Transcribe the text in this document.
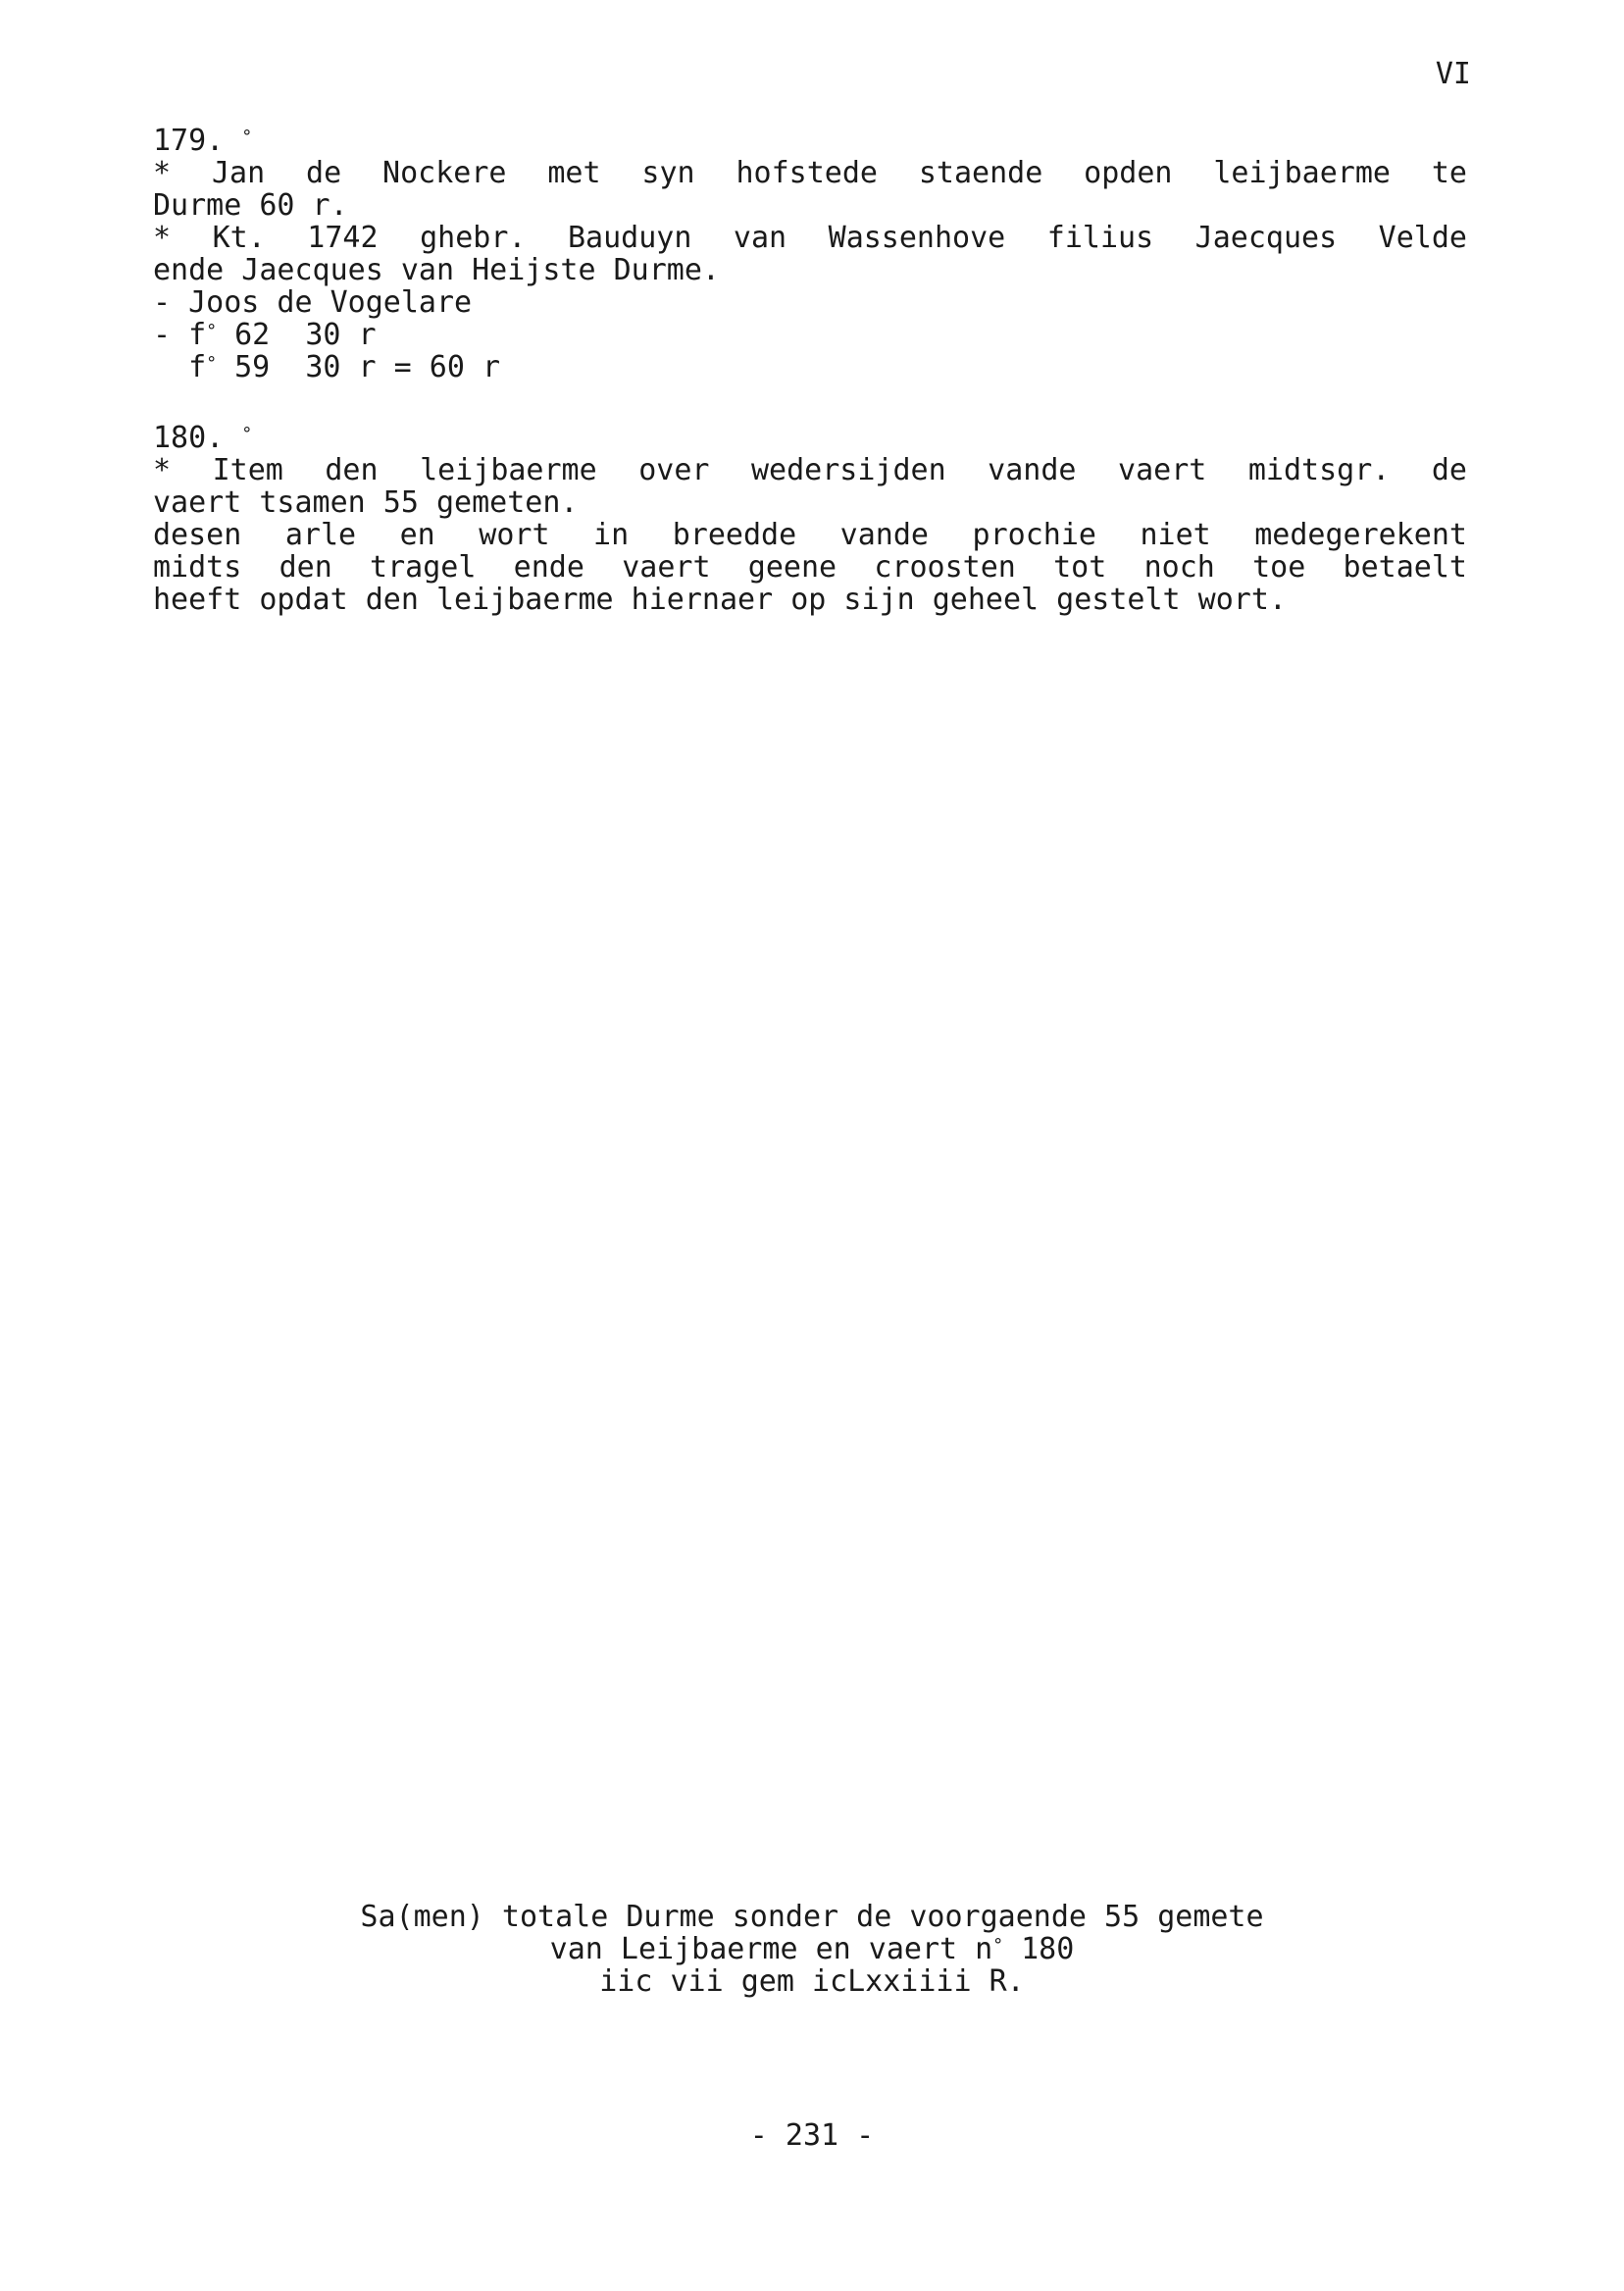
VI
179. °
* Jan de Nockere met syn hofstede staende opden leijbaerme te
Durme 60 r.
* Kt. 1742 ghebr. Bauduyn van Wassenhove filius Jaecques Velde
ende Jaecques van Heijste Durme.
- Joos de Vogelare
- f° 62  30 r
f° 59  30 r = 60 r
180. °
* Item den leijbaerme over wedersijden vande vaert midtsgr. de
vaert tsamen 55 gemeten.
desen arle en wort in breedde vande prochie niet medegerekent
midts den tragel ende vaert geene croosten tot noch toe betaelt
heeft opdat den leijbaerme hiernaer op sijn geheel gestelt wort.
Sa(men) totale Durme sonder de voorgaende 55 gemete
van Leijbaerme en vaert n° 180
iic vii gem icLxxiiii R.
- 231 -
